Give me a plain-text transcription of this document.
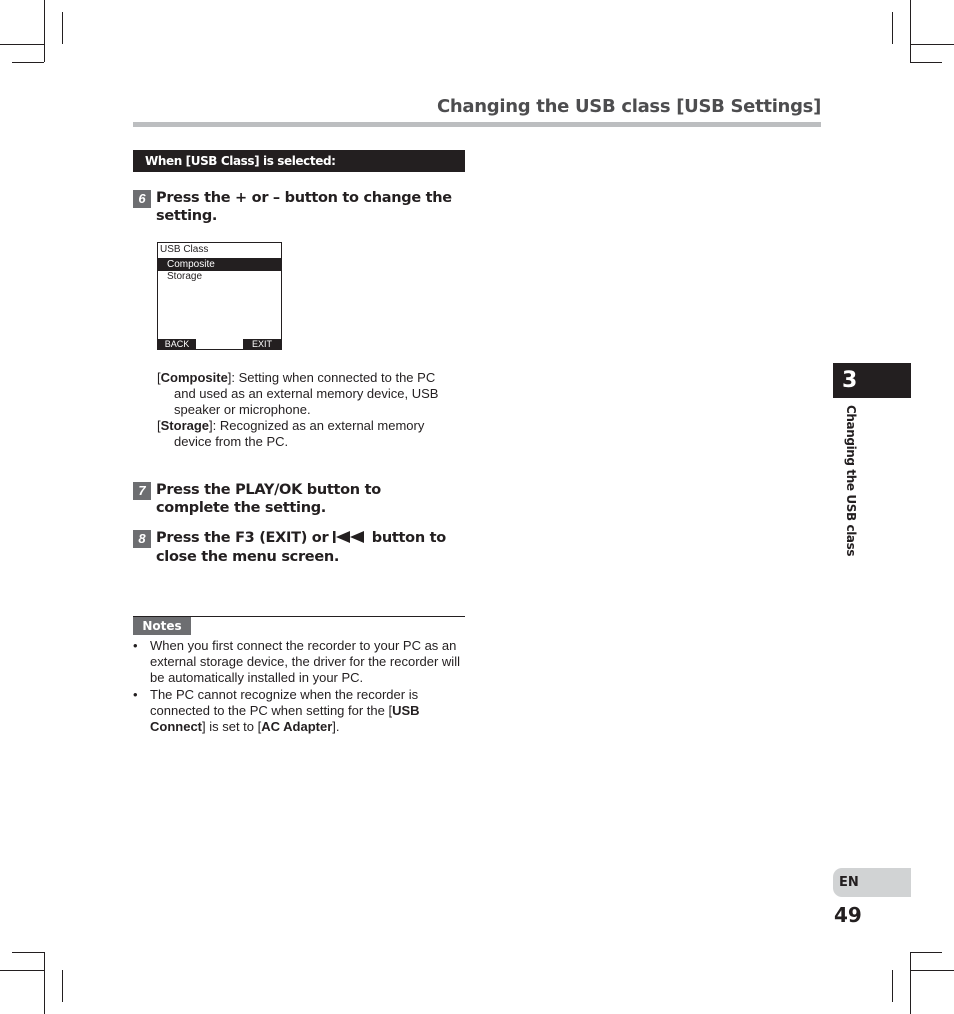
Changing the USB class [USB Settings]
When [USB Class] is selected:
6 Press the + or – button to change the setting.
USB Class
Composite
Storage
BACK	EXIT
[Composite]: Setting when connected to the PC
and used as an external memory device, USB speaker or microphone.
[Storage]: Recognized as an external memory
device from the PC.
7 Press the PLAY/OK button to complete the setting.
8 Press the F3 (EXIT) or  button to close the menu screen.
Notes
• When you first connect the recorder to your PC as an external storage device, the driver for the recorder will be automatically installed in your PC.
• The PC cannot recognize when the recorder is connected to the PC when setting for the [USB Connect] is set to [AC Adapter].
3
Changing the USB class
EN
49
